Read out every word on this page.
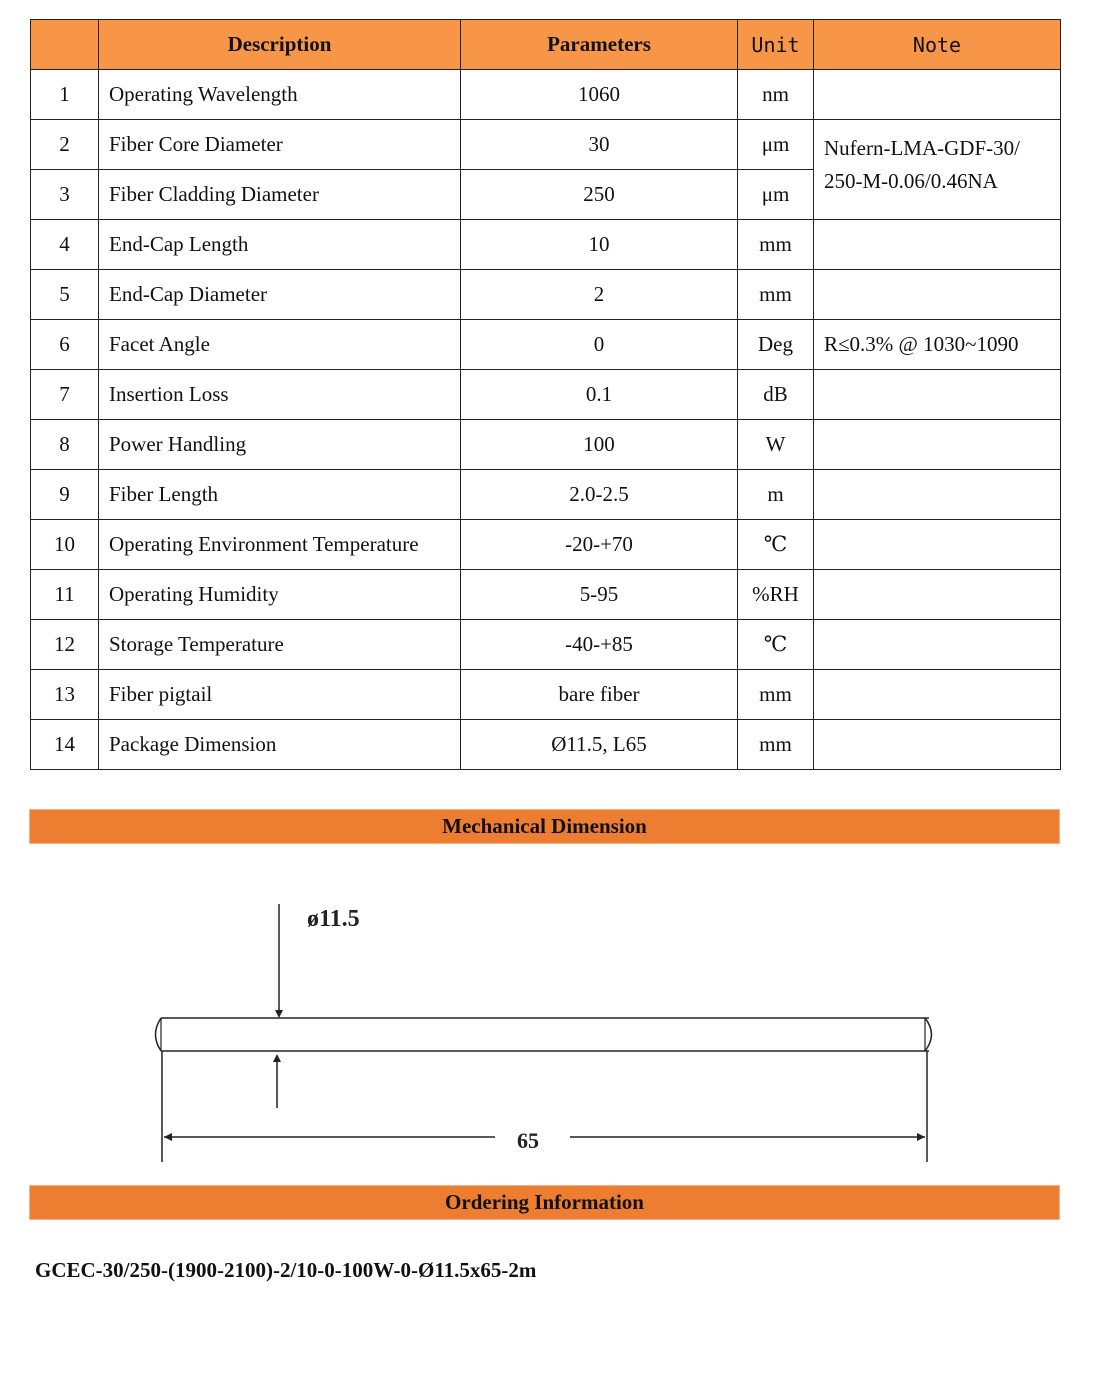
	Description	Parameters	Unit	Note
1	Operating Wavelength	1060	nm	
2	Fiber Core Diameter	30	μm	Nufern-LMA-GDF-30/
250-M-0.06/0.46NA
3	Fiber Cladding Diameter	250	μm	
4	End-Cap Length	10	mm	
5	End-Cap Diameter	2	mm	
6	Facet Angle	0	Deg	R≤0.3% @ 1030~1090
7	Insertion Loss	0.1	dB	
8	Power Handling	100	W	
9	Fiber Length	2.0-2.5	m	
10	Operating Environment Temperature	-20-+70	℃	
11	Operating Humidity	5-95	%RH	
12	Storage Temperature	-40-+85	℃	
13	Fiber pigtail	bare fiber	mm	
14	Package Dimension	Ø11.5, L65	mm	
Mechanical Dimension
ø11.5
65
Ordering Information
GCEC-30/250-(1900-2100)-2/10-0-100W-0-Ø11.5x65-2m
